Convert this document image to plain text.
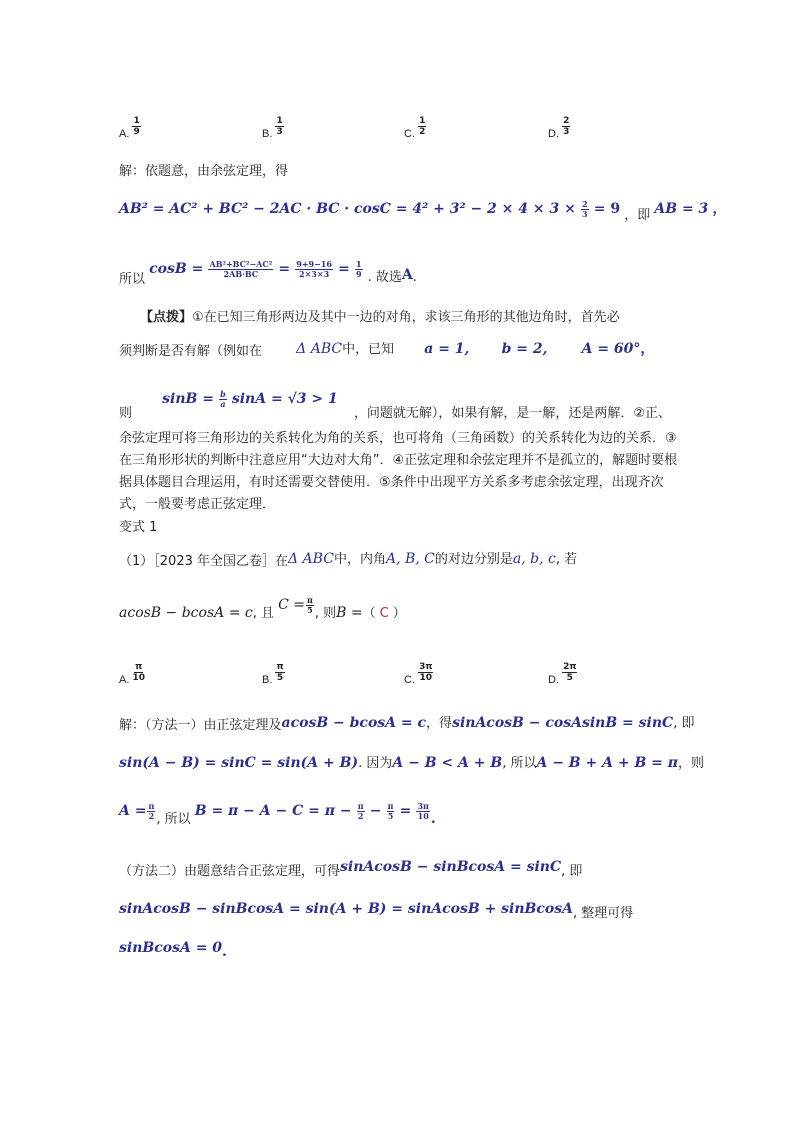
A. $\frac{1}{9}$	B. $\frac{1}{3}$	C. $\frac{1}{2}$	D. $\frac{2}{3}$
解：依题意，由余弦定理，得
AB² = AC² + BC² − 2AC · BC · $\cos C = 4^2 + 3^2 - 2 \times 4 \times 3 \times \frac{2}{3} = 9$ ，即 AB = 3 ，
所以 $\cos B = \frac{\text{AB²+BC²−AC²}}{2AB\cdot BC} = \frac{9+9-16}{2\times 3\times 3} = \frac{1}{9}$ . 故选A.
【点拨】①在已知三角形两边及其中一边的对角，求该三角形的其他边角时，首先必
须判断是否有解（例如在 Δ ABC中，已知 a = 1, b = 2, A = 60°，
则 $\sin B = \frac{b}{a}$ sinA = √3 > 1 ，问题就无解），如果有解，是一解，还是两解．②正、
余弦定理可将三角形边的关系转化为角的关系，也可将角（三角函数）的关系转化为边的关系．③在三角形形状的判断中注意应用“大边对大角”．④正弦定理和余弦定理并不是孤立的，解题时要根据具体题目合理运用，有时还需要交替使用．⑤条件中出现平方关系多考虑余弦定理，出现齐次式，一般要考虑正弦定理．
变式 1
（1）［2023 年全国乙卷］在Δ ABC中，内角A, B, C的对边分别是a, b, c, 若
acosB − bcosA = c, 且 $C = \frac{\pi}{5}$ , 则B =（ C ）
A. $\frac{\pi}{10}$	B. $\frac{\pi}{5}$	C. $\frac{3\pi}{10}$	D. $\frac{2\pi}{5}$
解：（方法一）由正弦定理及acosB − bcosA = c，得sinAcosB − cosAsinB = sinC, 即
sin(A − B) = sinC = sin(A + B). 因为A − B < A + B, 所以A − B + A + B = π，则
$A = \frac{\pi}{2}$ , 所以 $B = \pi - A - C = \pi - \frac{\pi}{2} - \frac{\pi}{5} = \frac{3\pi}{10}$ .
（方法二）由题意结合正弦定理，可得sinAcosB − sinBcosA = sinC, 即
sinAcosB − sinBcosA = sin(A + B) = sinAcosB + sinBcosA, 整理可得
sinBcosA = 0.
